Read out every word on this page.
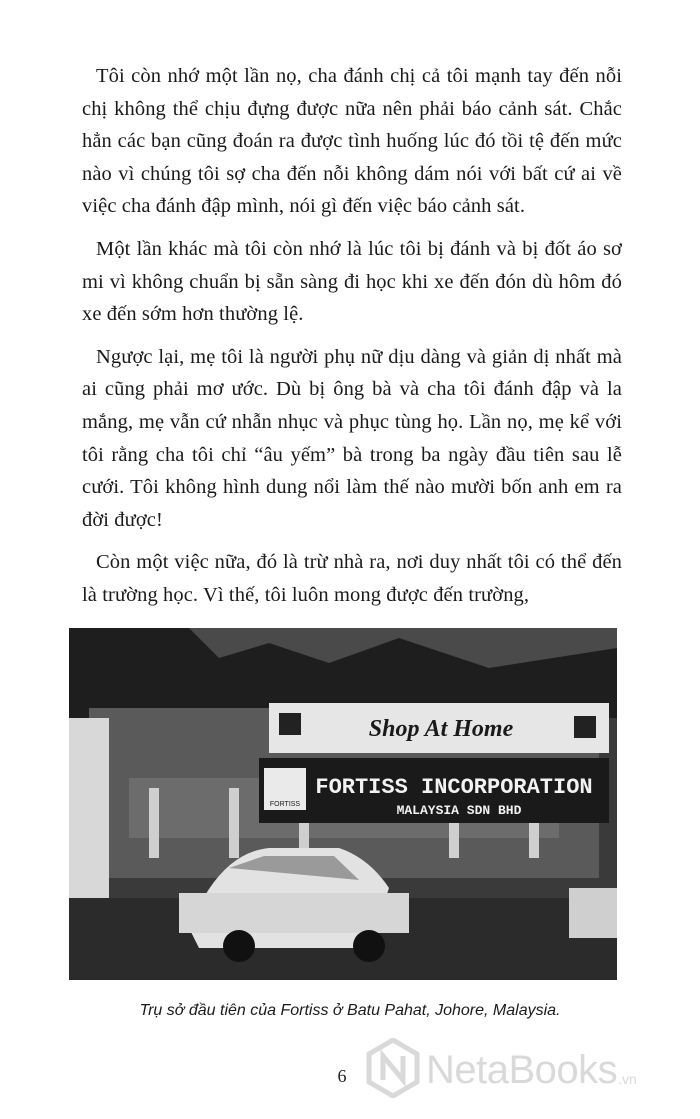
Tôi còn nhớ một lần nọ, cha đánh chị cả tôi mạnh tay đến nỗi chị không thể chịu đựng được nữa nên phải báo cảnh sát. Chắc hẳn các bạn cũng đoán ra được tình huống lúc đó tồi tệ đến mức nào vì chúng tôi sợ cha đến nỗi không dám nói với bất cứ ai về việc cha đánh đập mình, nói gì đến việc báo cảnh sát.

Một lần khác mà tôi còn nhớ là lúc tôi bị đánh và bị đốt áo sơ mi vì không chuẩn bị sẵn sàng đi học khi xe đến đón dù hôm đó xe đến sớm hơn thường lệ.

Ngược lại, mẹ tôi là người phụ nữ dịu dàng và giản dị nhất mà ai cũng phải mơ ước. Dù bị ông bà và cha tôi đánh đập và la mắng, mẹ vẫn cứ nhẫn nhục và phục tùng họ. Lần nọ, mẹ kể với tôi rằng cha tôi chỉ “âu yếm” bà trong ba ngày đầu tiên sau lễ cưới. Tôi không hình dung nổi làm thế nào mười bốn anh em ra đời được!

Còn một việc nữa, đó là trừ nhà ra, nơi duy nhất tôi có thể đến là trường học. Vì thế, tôi luôn mong được đến trường,

Shop At Home
FORTISS
FORTISS INCORPORATION
MALAYSIA SDN BHD
Trụ sở đầu tiên của Fortiss ở Batu Pahat, Johore, Malaysia.
6 NetaBooks .vn
